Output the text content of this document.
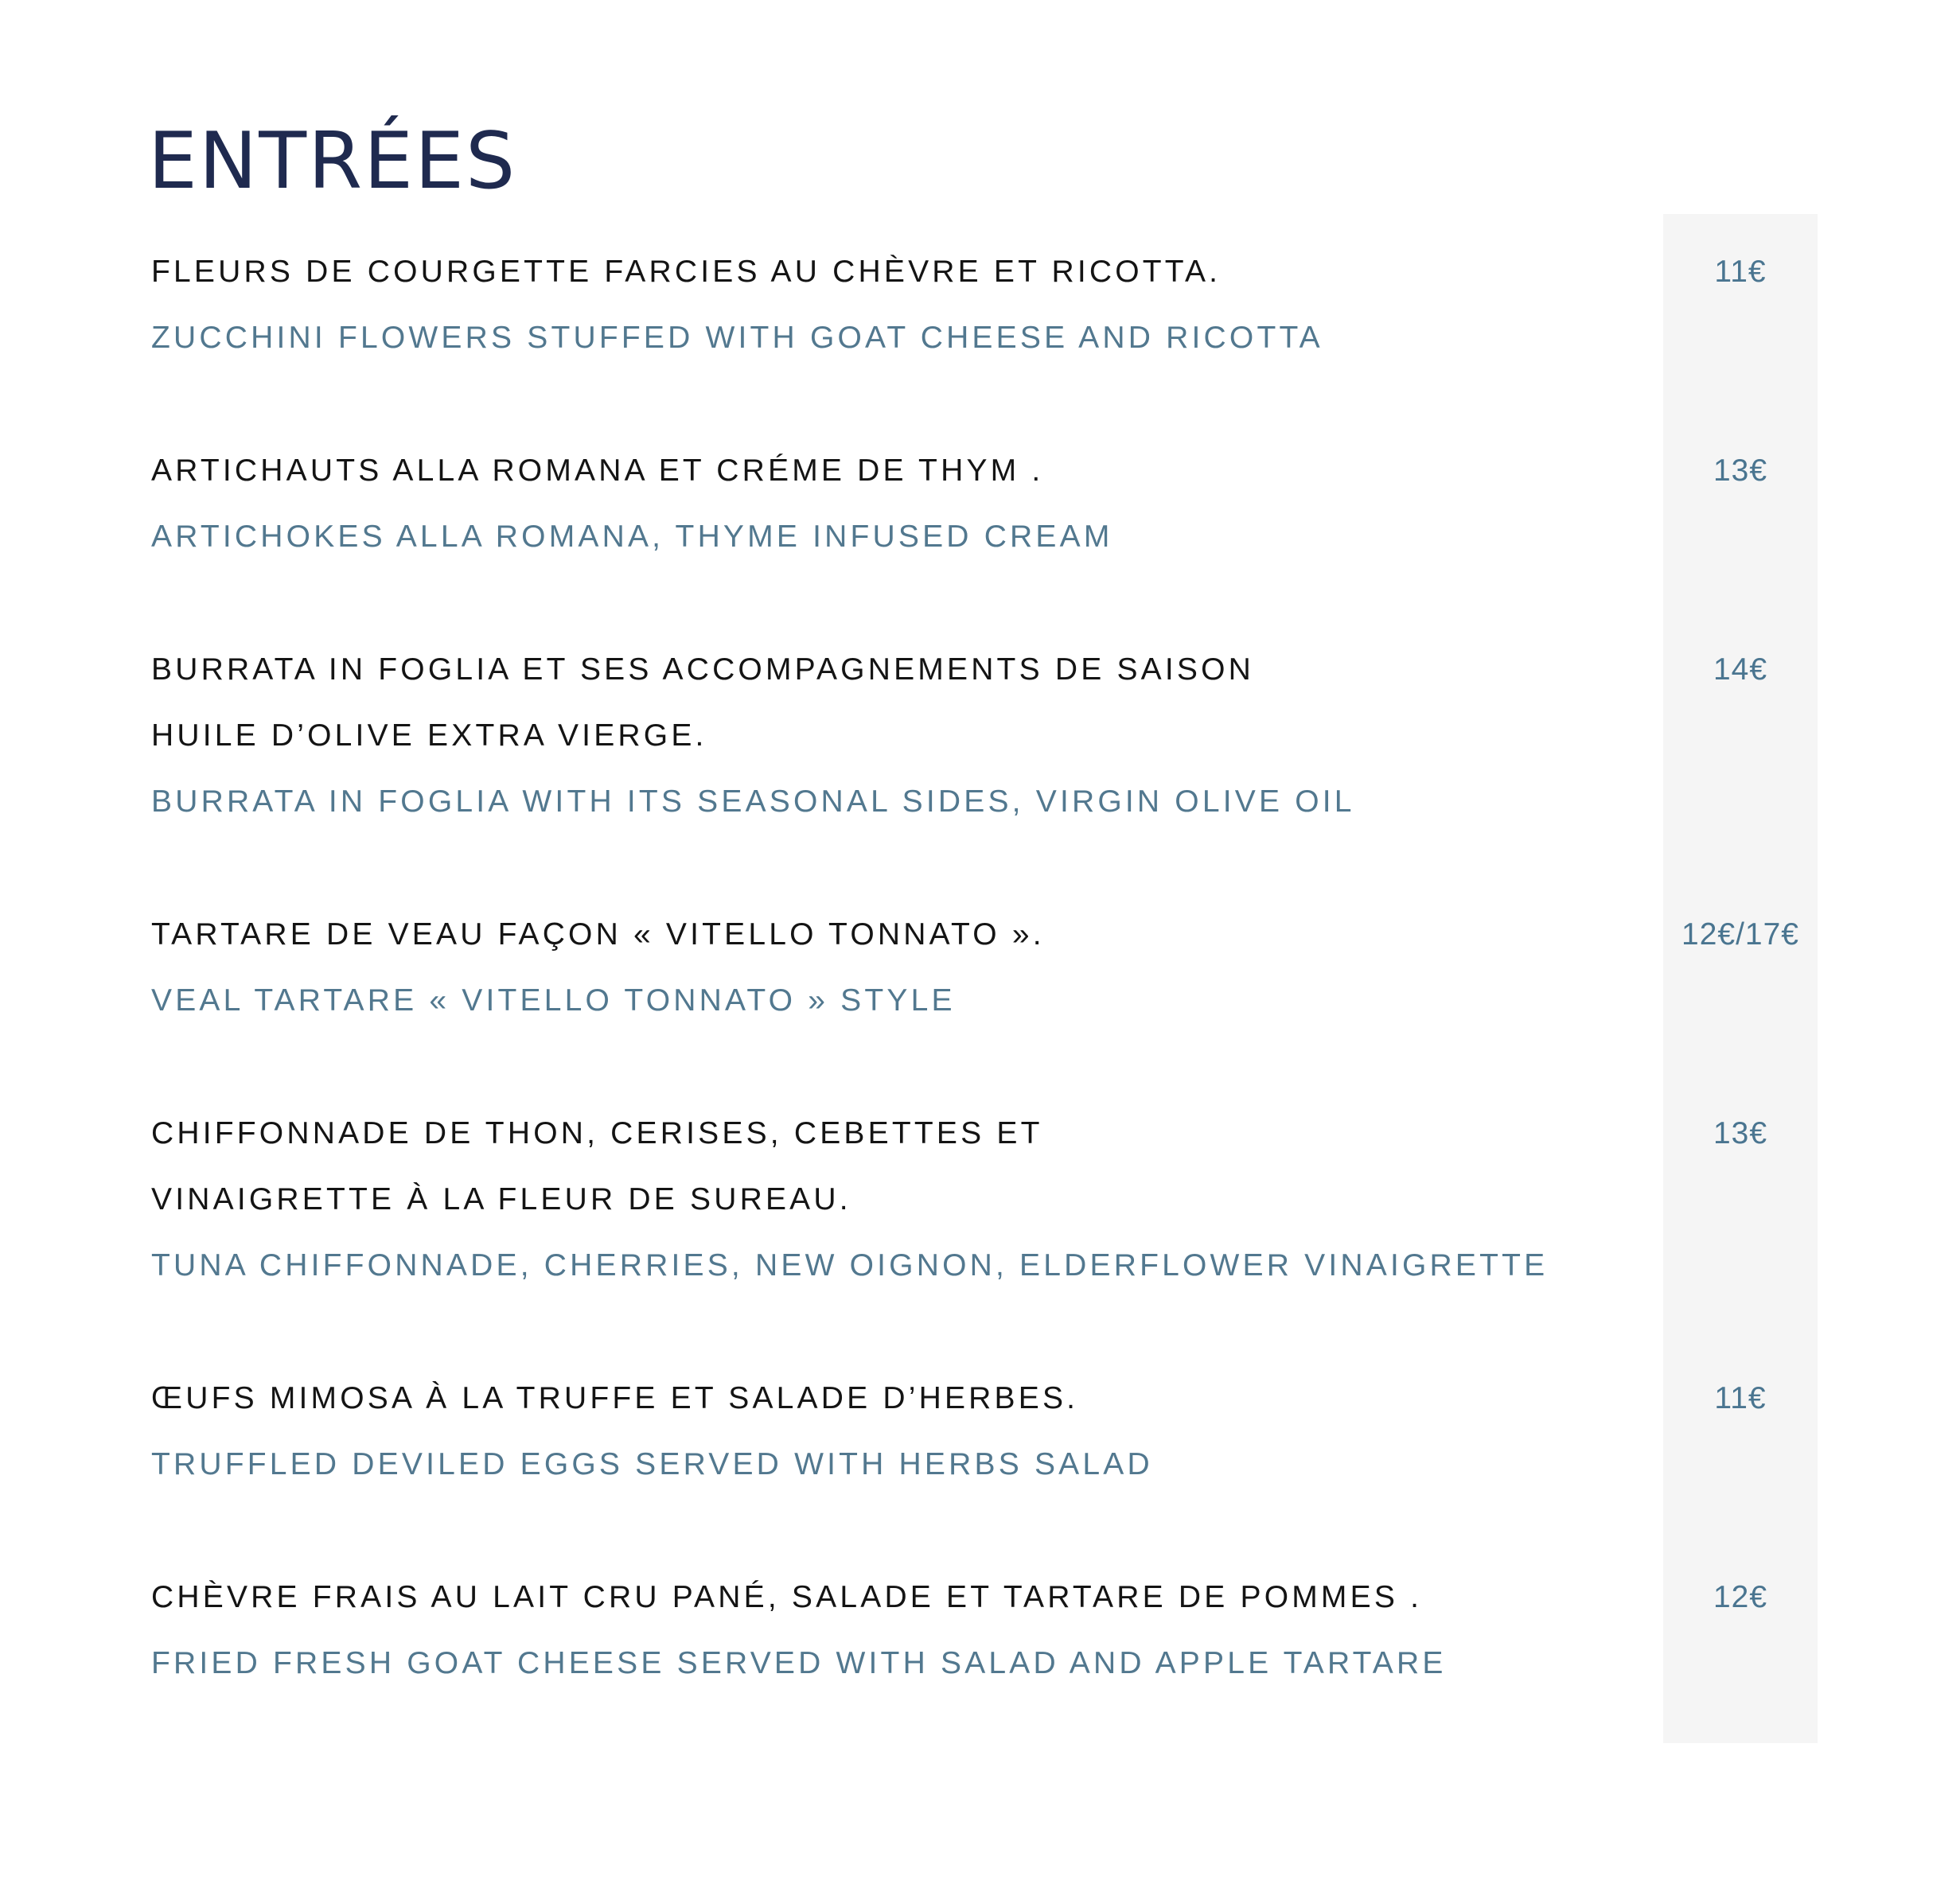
ENTRÉES
FLEURS DE COURGETTE FARCIES AU CHÈVRE ET RICOTTA.
ZUCCHINI FLOWERS STUFFED WITH GOAT CHEESE AND RICOTTA
11€
ARTICHAUTS ALLA ROMANA ET CRÉME DE THYM .
ARTICHOKES ALLA ROMANA, THYME INFUSED CREAM
13€
BURRATA IN FOGLIA ET SES ACCOMPAGNEMENTS DE SAISON
HUILE D’OLIVE EXTRA VIERGE.
BURRATA IN FOGLIA WITH ITS SEASONAL SIDES, VIRGIN OLIVE OIL
14€
TARTARE DE VEAU FAÇON « VITELLO TONNATO ».
VEAL TARTARE « VITELLO TONNATO » STYLE
12€/17€
CHIFFONNADE DE THON, CERISES, CEBETTES ET
VINAIGRETTE À LA FLEUR DE SUREAU.
TUNA CHIFFONNADE, CHERRIES, NEW OIGNON, ELDERFLOWER VINAIGRETTE
13€
ŒUFS MIMOSA À LA TRUFFE ET SALADE D’HERBES.
TRUFFLED DEVILED EGGS SERVED WITH HERBS SALAD
11€
CHÈVRE FRAIS AU LAIT CRU PANÉ, SALADE ET TARTARE DE POMMES .
FRIED FRESH GOAT CHEESE SERVED WITH SALAD AND APPLE TARTARE
12€
